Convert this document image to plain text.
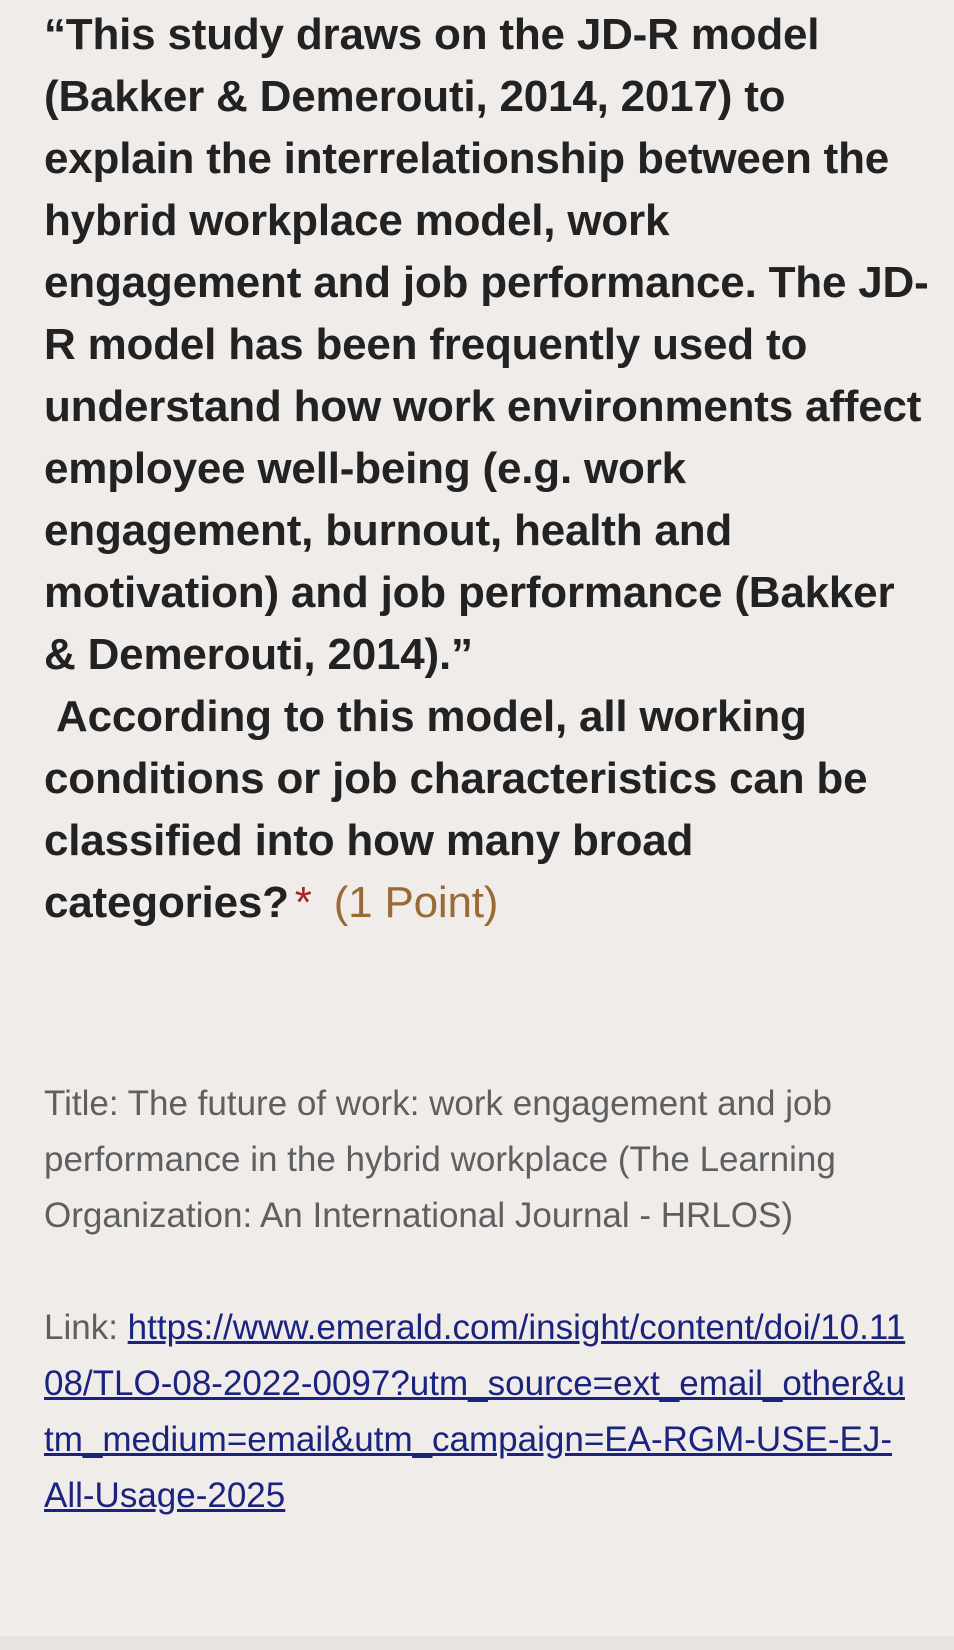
“This study draws on the JD-R model (Bakker & Demerouti, 2014, 2017) to explain the interrelationship between the hybrid workplace model, work engagement and job performance. The JD-R model has been frequently used to understand how work environments affect employee well-being (e.g. work engagement, burnout, health and motivation) and job performance (Bakker & Demerouti, 2014).”
According to this model, all working conditions or job characteristics can be classified into how many broad categories? * (1 Point)

Title: The future of work: work engagement and job performance in the hybrid workplace (The Learning Organization: An International Journal - HRLOS)

Link: https://www.emerald.com/insight/content/doi/10.1108/TLO-08-2022-0097?utm_source=ext_email_other&utm_medium=email&utm_campaign=EA-RGM-USE-EJ-All-Usage-2025
